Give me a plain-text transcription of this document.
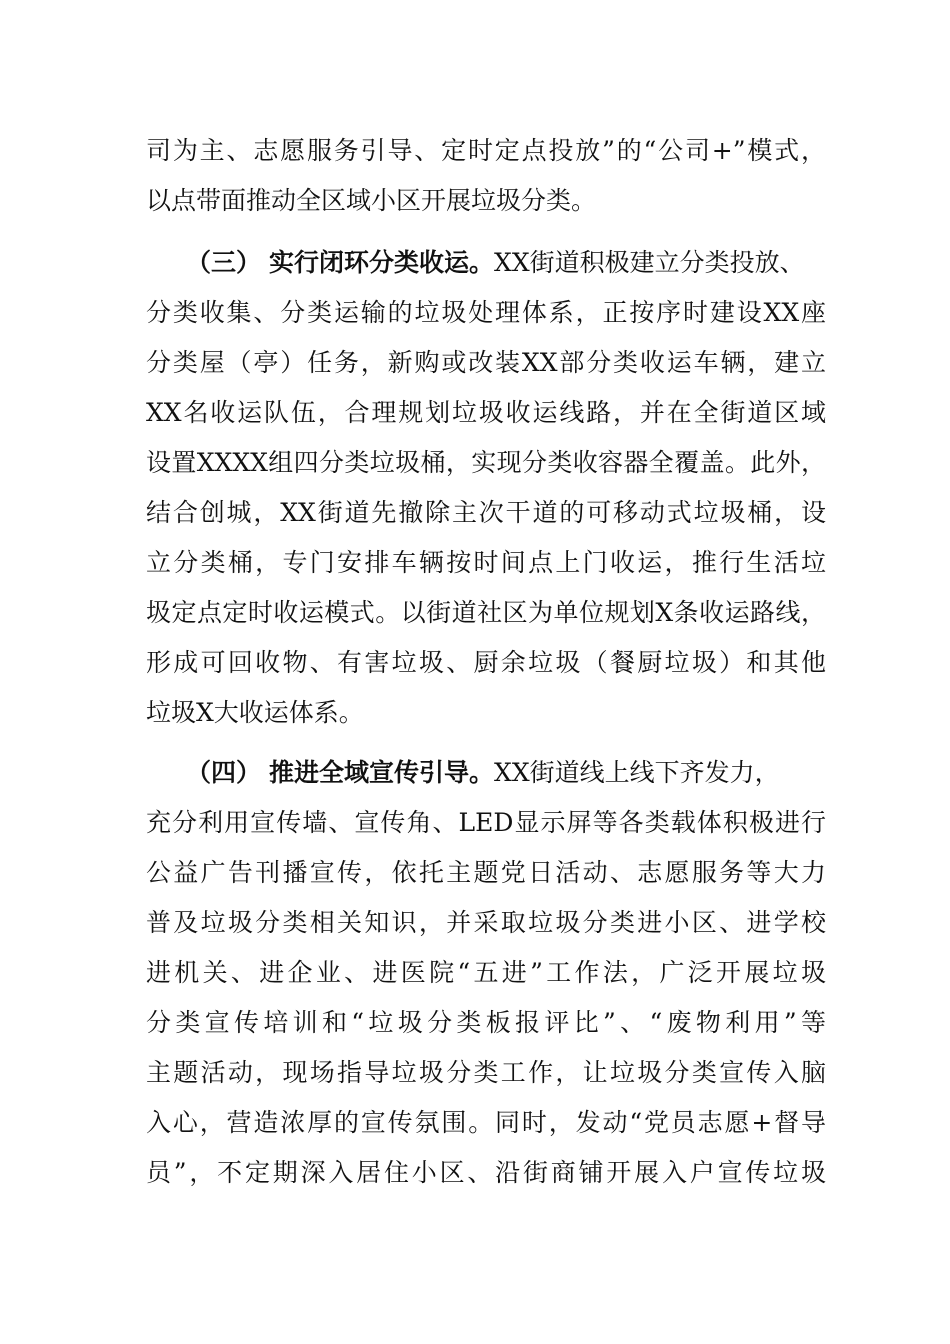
司为主、志愿服务引导、定时定点投放”的“公司+”模式，
以点带面推动全区域小区开展垃圾分类。
（三） 实行闭环分类收运。XX街道积极建立分类投放、
分类收集、分类运输的垃圾处理体系，正按序时建设XX座
分类屋（亭）任务，新购或改装XX部分类收运车辆，建立
XX名收运队伍，合理规划垃圾收运线路，并在全街道区域
设置XXXX组四分类垃圾桶，实现分类收容器全覆盖。此外，
结合创城，XX街道先撤除主次干道的可移动式垃圾桶，设
立分类桶，专门安排车辆按时间点上门收运，推行生活垃
圾定点定时收运模式。以街道社区为单位规划X条收运路线，
形成可回收物、有害垃圾、厨余垃圾（餐厨垃圾）和其他
垃圾X大收运体系。
（四） 推进全域宣传引导。XX街道线上线下齐发力，
充分利用宣传墙、宣传角、LED显示屏等各类载体积极进行
公益广告刊播宣传，依托主题党日活动、志愿服务等大力
普及垃圾分类相关知识，并采取垃圾分类进小区、进学校
进机关、进企业、进医院“五进”工作法，广泛开展垃圾
分类宣传培训和“垃圾分类板报评比”、“废物利用”等
主题活动，现场指导垃圾分类工作，让垃圾分类宣传入脑
入心，营造浓厚的宣传氛围。同时，发动“党员志愿+督导
员”，不定期深入居住小区、沿街商铺开展入户宣传垃圾
